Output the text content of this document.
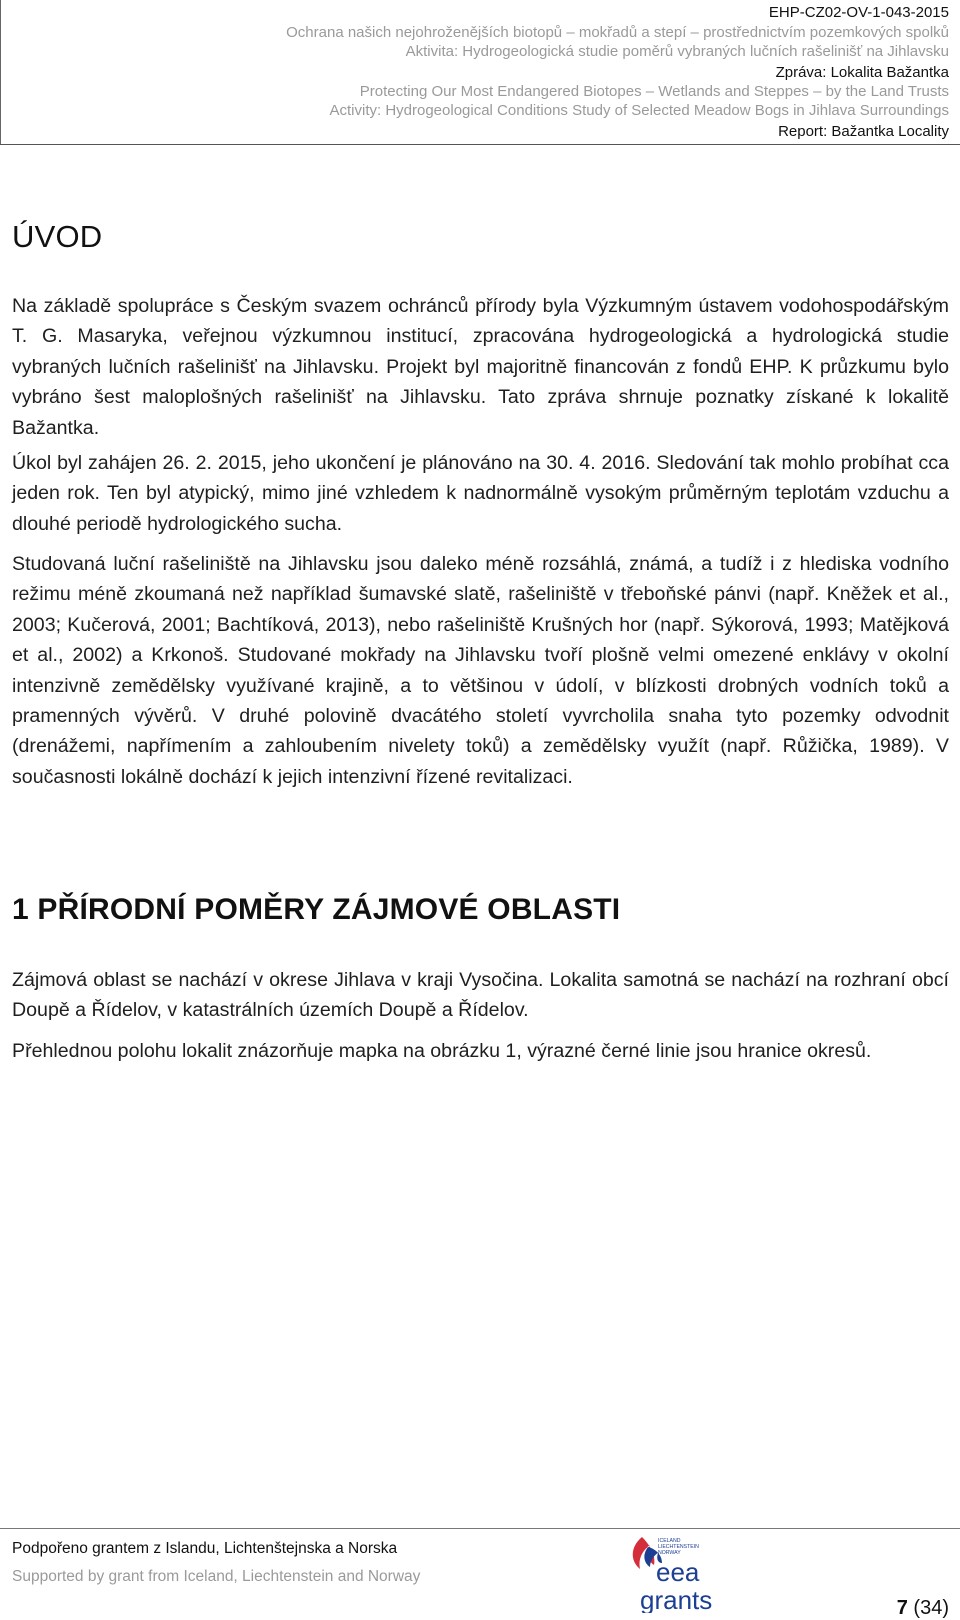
EHP-CZ02-OV-1-043-2015
Ochrana našich nejohroženějších biotopů – mokřadů a stepí – prostřednictvím pozemkových spolků
Aktivita: Hydrogeologická studie poměrů vybraných lučních rašelinišť na Jihlavsku
Zpráva: Lokalita Bažantka
Protecting Our Most Endangered Biotopes – Wetlands and Steppes – by the Land Trusts
Activity: Hydrogeological Conditions Study of Selected Meadow Bogs in Jihlava Surroundings
Report: Bažantka Locality
ÚVOD
Na základě spolupráce s Českým svazem ochránců přírody byla Výzkumným ústavem vodohospodářským T. G. Masaryka, veřejnou výzkumnou institucí, zpracována hydrogeologická a hydrologická studie vybraných lučních rašelinišť na Jihlavsku. Projekt byl majoritně financován z fondů EHP. K průzkumu bylo vybráno šest maloplošných rašelinišť na Jihlavsku. Tato zpráva shrnuje poznatky získané k lokalitě Bažantka.
Úkol byl zahájen 26. 2. 2015, jeho ukončení je plánováno na 30. 4. 2016. Sledování tak mohlo probíhat cca jeden rok. Ten byl atypický, mimo jiné vzhledem k nadnormálně vysokým průměrným teplotám vzduchu a dlouhé periodě hydrologického sucha.
Studovaná luční rašeliniště na Jihlavsku jsou daleko méně rozsáhlá, známá, a tudíž i z hlediska vodního režimu méně zkoumaná než například šumavské slatě, rašeliniště v třeboňské pánvi (např. Kněžek et al., 2003; Kučerová, 2001; Bachtíková, 2013), nebo rašeliniště Krušných hor (např. Sýkorová, 1993; Matějková et al., 2002) a Krkonoš. Studované mokřady na Jihlavsku tvoří plošně velmi omezené enklávy v okolní intenzivně zemědělsky využívané krajině, a to většinou v údolí, v blízkosti drobných vodních toků a pramenných vývěrů. V druhé polovině dvacátého století vyvrcholila snaha tyto pozemky odvodnit (drenážemi, napřímením a zahloubením nivelety toků) a zemědělsky využít (např. Růžička, 1989). V současnosti lokálně dochází k jejich intenzivní řízené revitalizaci.
1 PŘÍRODNÍ POMĚRY ZÁJMOVÉ OBLASTI
Zájmová oblast se nachází v okrese Jihlava v kraji Vysočina. Lokalita samotná se nachází na rozhraní obcí Doupě a Řídelov, v katastrálních územích Doupě a Řídelov.
Přehlednou polohu lokalit znázorňuje mapka na obrázku 1, výrazné černé linie jsou hranice okresů.
Podpořeno grantem z Islandu, Lichtenštejnska a Norska
Supported by grant from Iceland, Liechtenstein and Norway
ICELAND
LIECHTENSTEIN
NORWAY
eea
grants	7 (34)
